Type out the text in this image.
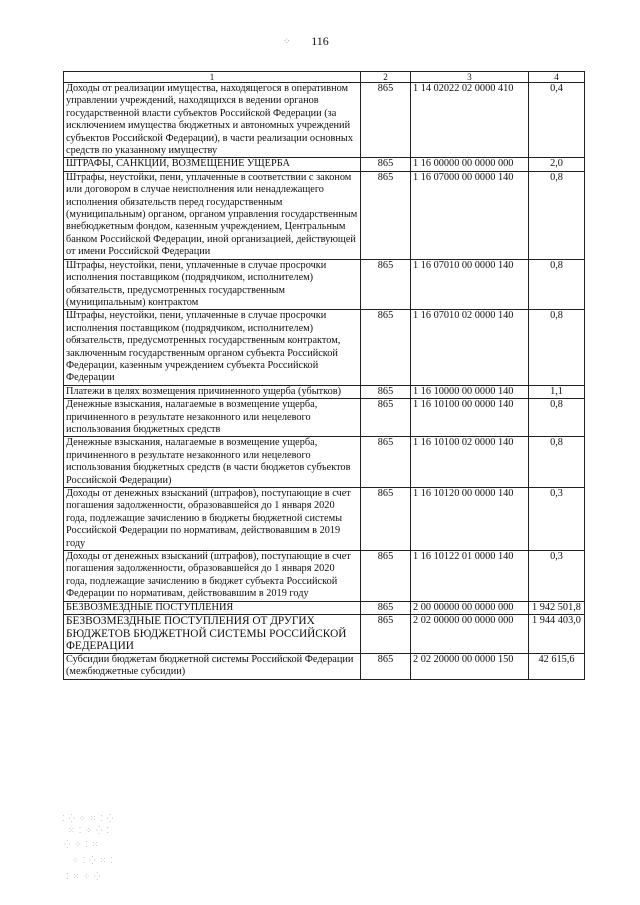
116
⁘
1	2	3	4
Доходы от реализации имущества, находящегося в оперативном управлении учреждений, находящихся в ведении органов государственной власти субъектов Российской Федерации (за исключением имущества бюджетных и автономных учреждений субъектов Российской Федерации), в части реализации основных средств по указанному имуществу	865	1 14 02022 02 0000 410	0,4
ШТРАФЫ, САНКЦИИ, ВОЗМЕЩЕНИЕ УЩЕРБА	865	1 16 00000 00 0000 000	2,0
Штрафы, неустойки, пени, уплаченные в соответствии с законом или договором в случае неисполнения или ненадлежащего исполнения обязательств перед государственным (муниципальным) органом, органом управления государственным внебюджетным фондом, казенным учреждением, Центральным банком Российской Федерации, иной организацией, действующей от имени Российской Федерации	865	1 16 07000 00 0000 140	0,8
Штрафы, неустойки, пени, уплаченные в случае просрочки исполнения поставщиком (подрядчиком, исполнителем) обязательств, предусмотренных государственным (муниципальным) контрактом	865	1 16 07010 00 0000 140	0,8
Штрафы, неустойки, пени, уплаченные в случае просрочки исполнения поставщиком (подрядчиком, исполнителем) обязательств, предусмотренных государственным контрактом, заключенным государственным органом субъекта Российской Федерации, казенным учреждением субъекта Российской Федерации	865	1 16 07010 02 0000 140	0,8
Платежи в целях возмещения причиненного ущерба (убытков)	865	1 16 10000 00 0000 140	1,1
Денежные взыскания, налагаемые в возмещение ущерба, причиненного в результате незаконного или нецелевого использования бюджетных средств	865	1 16 10100 00 0000 140	0,8
Денежные взыскания, налагаемые в возмещение ущерба, причиненного в результате незаконного или нецелевого использования бюджетных средств (в части бюджетов субъектов Российской Федерации)	865	1 16 10100 02 0000 140	0,8
Доходы от денежных взысканий (штрафов), поступающие в счет погашения задолженности, образовавшейся до 1 января 2020 года, подлежащие зачислению в бюджеты бюджетной системы Российской Федерации по нормативам, действовавшим в 2019 году	865	1 16 10120 00 0000 140	0,3
Доходы от денежных взысканий (штрафов), поступающие в счет погашения задолженности, образовавшейся до 1 января 2020 года, подлежащие зачислению в бюджет субъекта Российской Федерации по нормативам, действовавшим в 2019 году	865	1 16 10122 01 0000 140	0,3
БЕЗВОЗМЕЗДНЫЕ ПОСТУПЛЕНИЯ	865	2 00 00000 00 0000 000	1 942 501,8
БЕЗВОЗМЕЗДНЫЕ ПОСТУПЛЕНИЯ ОТ ДРУГИХ БЮДЖЕТОВ БЮДЖЕТНОЙ СИСТЕМЫ РОССИЙСКОЙ ФЕДЕРАЦИИ	865	2 02 00000 00 0000 000	1 944 403,0
Субсидии бюджетам бюджетной системы Российской Федерации (межбюджетные субсидии)	865	2 02 20000 00 0000 150	42 615,6
⁚ ⁛ ⁘ ⁙ ⁚ ⁛
⁙ ⁚ ⁘ ⁛ ⁚
⁛ ⁘ ⁚ ⁙
⁘ ⁚ ⁛ ⁙ ⁚
⁚ ⁙ ⁘ ⁛
